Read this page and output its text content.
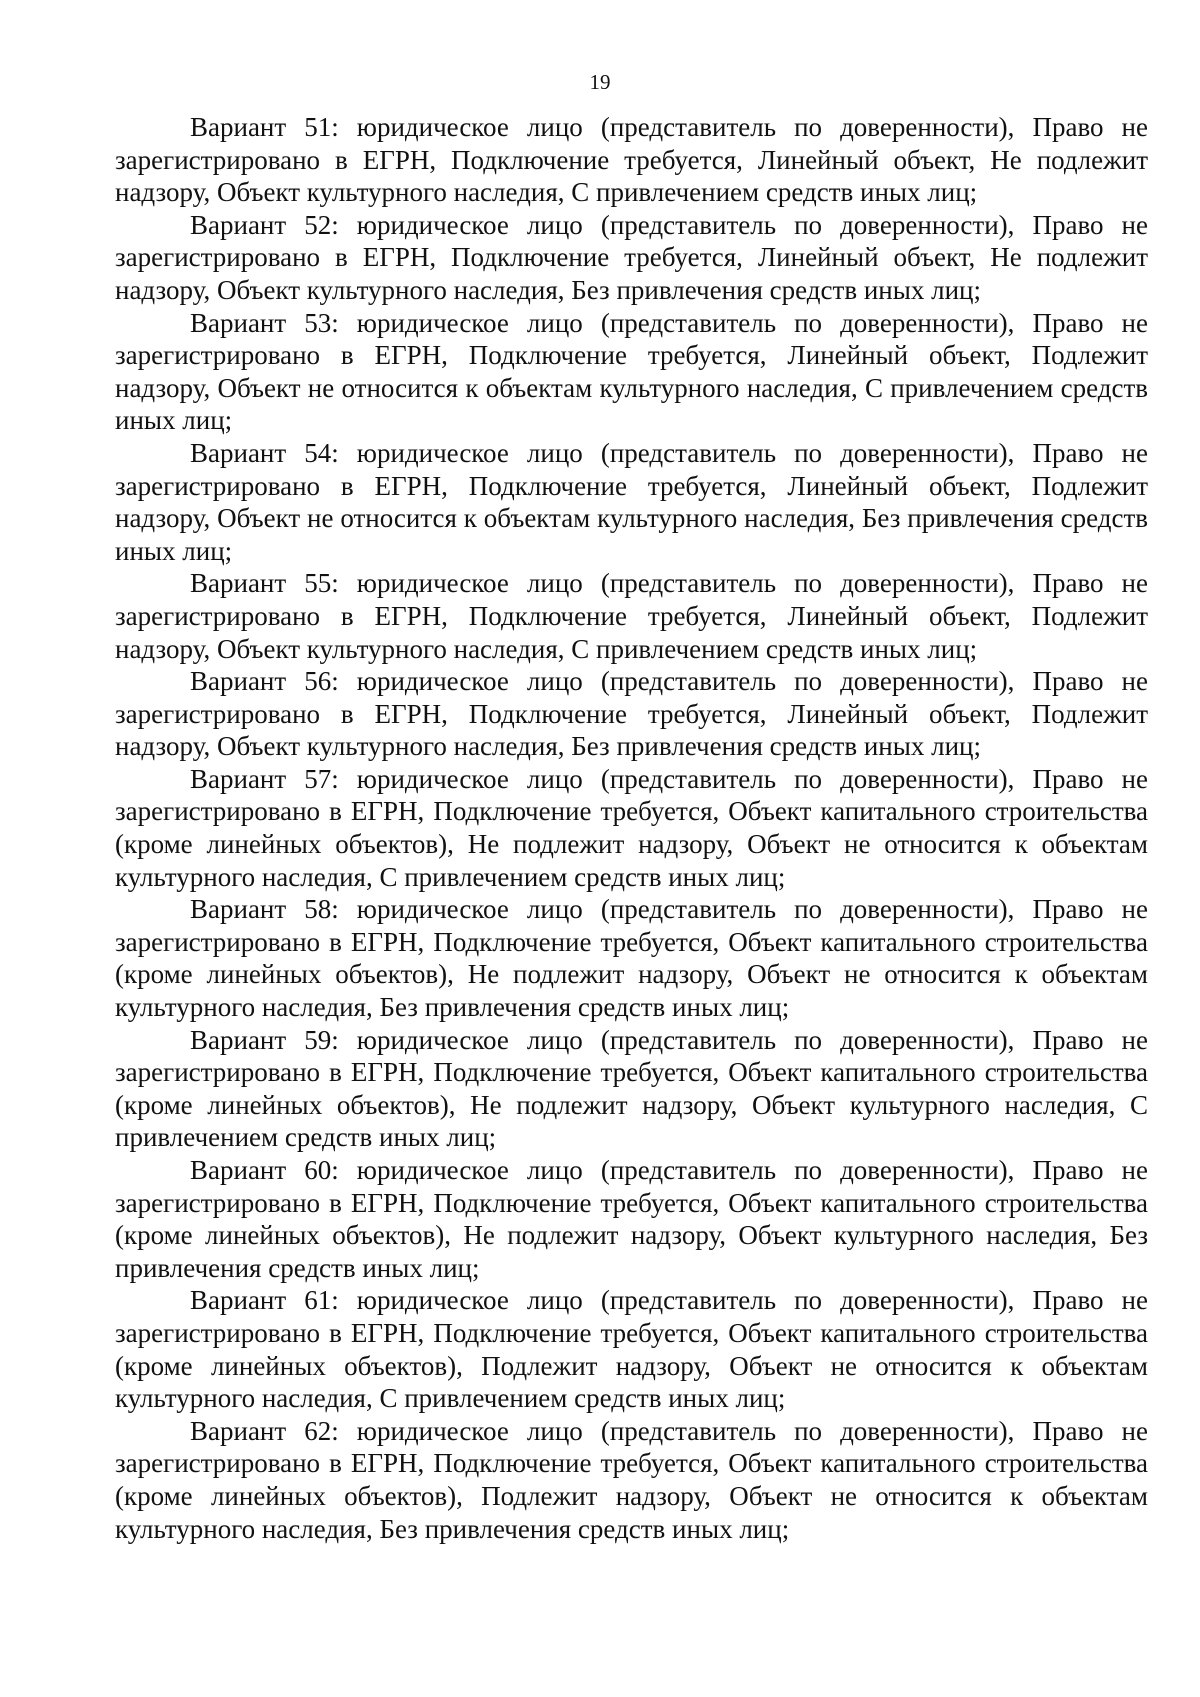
19

Вариант 51: юридическое лицо (представитель по доверенности), Право не зарегистрировано в ЕГРН, Подключение требуется, Линейный объект, Не подлежит надзору, Объект культурного наследия, С привлечением средств иных лиц;

Вариант 52: юридическое лицо (представитель по доверенности), Право не зарегистрировано в ЕГРН, Подключение требуется, Линейный объект, Не подлежит надзору, Объект культурного наследия, Без привлечения средств иных лиц;

Вариант 53: юридическое лицо (представитель по доверенности), Право не зарегистрировано в ЕГРН, Подключение требуется, Линейный объект, Подлежит надзору, Объект не относится к объектам культурного наследия, С привлечением средств иных лиц;

Вариант 54: юридическое лицо (представитель по доверенности), Право не зарегистрировано в ЕГРН, Подключение требуется, Линейный объект, Подлежит надзору, Объект не относится к объектам культурного наследия, Без привлечения средств иных лиц;

Вариант 55: юридическое лицо (представитель по доверенности), Право не зарегистрировано в ЕГРН, Подключение требуется, Линейный объект, Подлежит надзору, Объект культурного наследия, С привлечением средств иных лиц;

Вариант 56: юридическое лицо (представитель по доверенности), Право не зарегистрировано в ЕГРН, Подключение требуется, Линейный объект, Подлежит надзору, Объект культурного наследия, Без привлечения средств иных лиц;

Вариант 57: юридическое лицо (представитель по доверенности), Право не зарегистрировано в ЕГРН, Подключение требуется, Объект капитального строительства (кроме линейных объектов), Не подлежит надзору, Объект не относится к объектам культурного наследия, С привлечением средств иных лиц;

Вариант 58: юридическое лицо (представитель по доверенности), Право не зарегистрировано в ЕГРН, Подключение требуется, Объект капитального строительства (кроме линейных объектов), Не подлежит надзору, Объект не относится к объектам культурного наследия, Без привлечения средств иных лиц;

Вариант 59: юридическое лицо (представитель по доверенности), Право не зарегистрировано в ЕГРН, Подключение требуется, Объект капитального строительства (кроме линейных объектов), Не подлежит надзору, Объект культурного наследия, С привлечением средств иных лиц;

Вариант 60: юридическое лицо (представитель по доверенности), Право не зарегистрировано в ЕГРН, Подключение требуется, Объект капитального строительства (кроме линейных объектов), Не подлежит надзору, Объект культурного наследия, Без привлечения средств иных лиц;

Вариант 61: юридическое лицо (представитель по доверенности), Право не зарегистрировано в ЕГРН, Подключение требуется, Объект капитального строительства (кроме линейных объектов), Подлежит надзору, Объект не относится к объектам культурного наследия, С привлечением средств иных лиц;

Вариант 62: юридическое лицо (представитель по доверенности), Право не зарегистрировано в ЕГРН, Подключение требуется, Объект капитального строительства (кроме линейных объектов), Подлежит надзору, Объект не относится к объектам культурного наследия, Без привлечения средств иных лиц;
